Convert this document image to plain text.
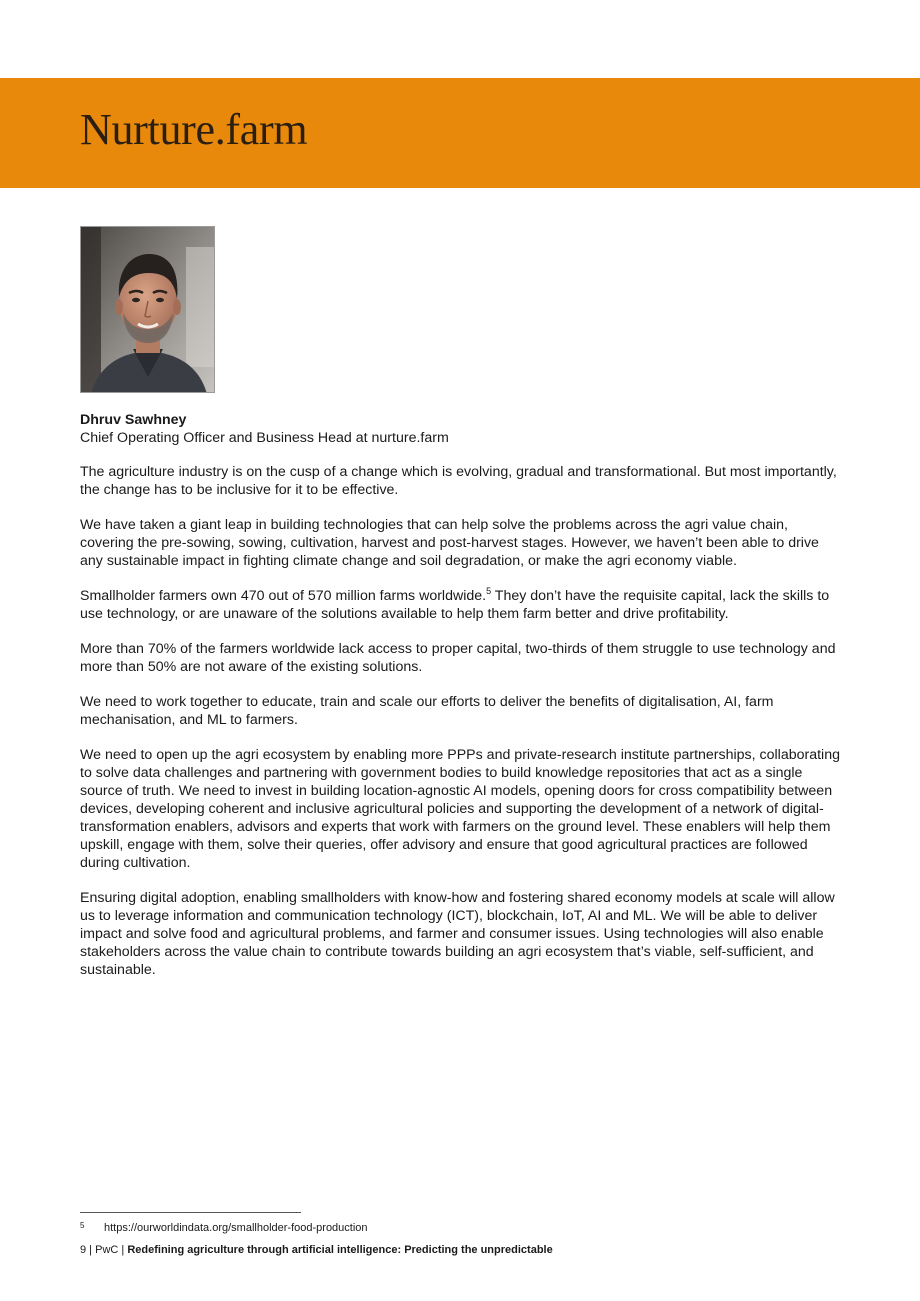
Nurture.farm

Dhruv Sawhney

Chief Operating Officer and Business Head at nurture.farm

The agriculture industry is on the cusp of a change which is evolving, gradual and transformational. But most importantly, the change has to be inclusive for it to be effective.

We have taken a giant leap in building technologies that can help solve the problems across the agri value chain, covering the pre-sowing, sowing, cultivation, harvest and post-harvest stages. However, we haven’t been able to drive any sustainable impact in fighting climate change and soil degradation, or make the agri economy viable.

Smallholder farmers own 470 out of 570 million farms worldwide.$^5$ They don’t have the requisite capital, lack the skills to use technology, or are unaware of the solutions available to help them farm better and drive profitability.

More than 70% of the farmers worldwide lack access to proper capital, two-thirds of them struggle to use technology and more than 50% are not aware of the existing solutions.

We need to work together to educate, train and scale our efforts to deliver the benefits of digitalisation, AI, farm mechanisation, and ML to farmers.

We need to open up the agri ecosystem by enabling more PPPs and private-research institute partnerships, collaborating to solve data challenges and partnering with government bodies to build knowledge repositories that act as a single source of truth. We need to invest in building location-agnostic AI models, opening doors for cross compatibility between devices, developing coherent and inclusive agricultural policies and supporting the development of a network of digital-transformation enablers, advisors and experts that work with farmers on the ground level. These enablers will help them upskill, engage with them, solve their queries, offer advisory and ensure that good agricultural practices are followed during cultivation.

Ensuring digital adoption, enabling smallholders with know-how and fostering shared economy models at scale will allow us to leverage information and communication technology (ICT), blockchain, IoT, AI and ML. We will be able to deliver impact and solve food and agricultural problems, and farmer and consumer issues. Using technologies will also enable stakeholders across the value chain to contribute towards building an agri ecosystem that’s viable, self-sufficient, and sustainable.

5 https://ourworldindata.org/smallholder-food-production
9 | PwC | Redefining agriculture through artificial intelligence: Predicting the unpredictable
